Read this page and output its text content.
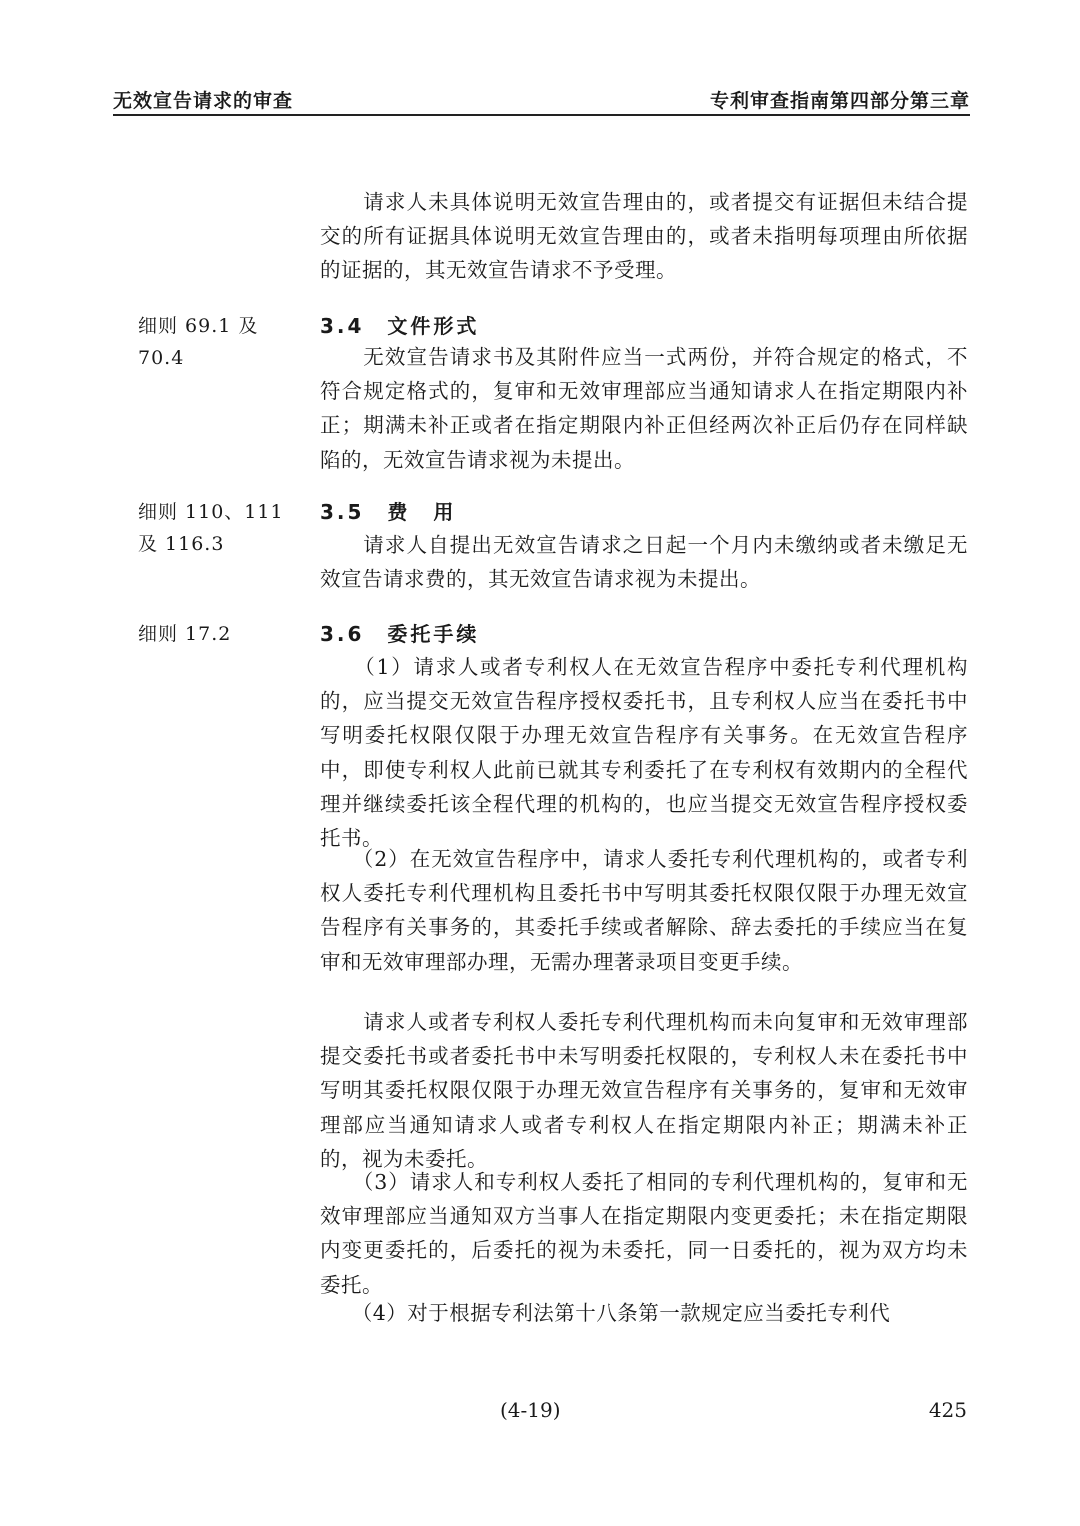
无效宣告请求的审查	专利审查指南第四部分第三章
　　请求人未具体说明无效宣告理由的，或者提交有证据但未结合提交的所有证据具体说明无效宣告理由的，或者未指明每项理由所依据的证据的，其无效宣告请求不予受理。
细则 69.1 及 70.4
3.4　文件形式
　　无效宣告请求书及其附件应当一式两份，并符合规定的格式，不符合规定格式的，复审和无效审理部应当通知请求人在指定期限内补正；期满未补正或者在指定期限内补正但经两次补正后仍存在同样缺陷的，无效宣告请求视为未提出。
细则 110、111 及 116.3
3.5　费　用
　　请求人自提出无效宣告请求之日起一个月内未缴纳或者未缴足无效宣告请求费的，其无效宣告请求视为未提出。
细则 17.2	3.6　委托手续
　　（1）请求人或者专利权人在无效宣告程序中委托专利代理机构的，应当提交无效宣告程序授权委托书，且专利权人应当在委托书中写明委托权限仅限于办理无效宣告程序有关事务。在无效宣告程序中，即使专利权人此前已就其专利委托了在专利权有效期内的全程代理并继续委托该全程代理的机构的，也应当提交无效宣告程序授权委托书。
　　（2）在无效宣告程序中，请求人委托专利代理机构的，或者专利权人委托专利代理机构且委托书中写明其委托权限仅限于办理无效宣告程序有关事务的，其委托手续或者解除、辞去委托的手续应当在复审和无效审理部办理，无需办理著录项目变更手续。
　　请求人或者专利权人委托专利代理机构而未向复审和无效审理部提交委托书或者委托书中未写明委托权限的，专利权人未在委托书中写明其委托权限仅限于办理无效宣告程序有关事务的，复审和无效审理部应当通知请求人或者专利权人在指定期限内补正；期满未补正的，视为未委托。
　　（3）请求人和专利权人委托了相同的专利代理机构的，复审和无效审理部应当通知双方当事人在指定期限内变更委托；未在指定期限内变更委托的，后委托的视为未委托，同一日委托的，视为双方均未委托。
　　（4）对于根据专利法第十八条第一款规定应当委托专利代
(4-19)	425
